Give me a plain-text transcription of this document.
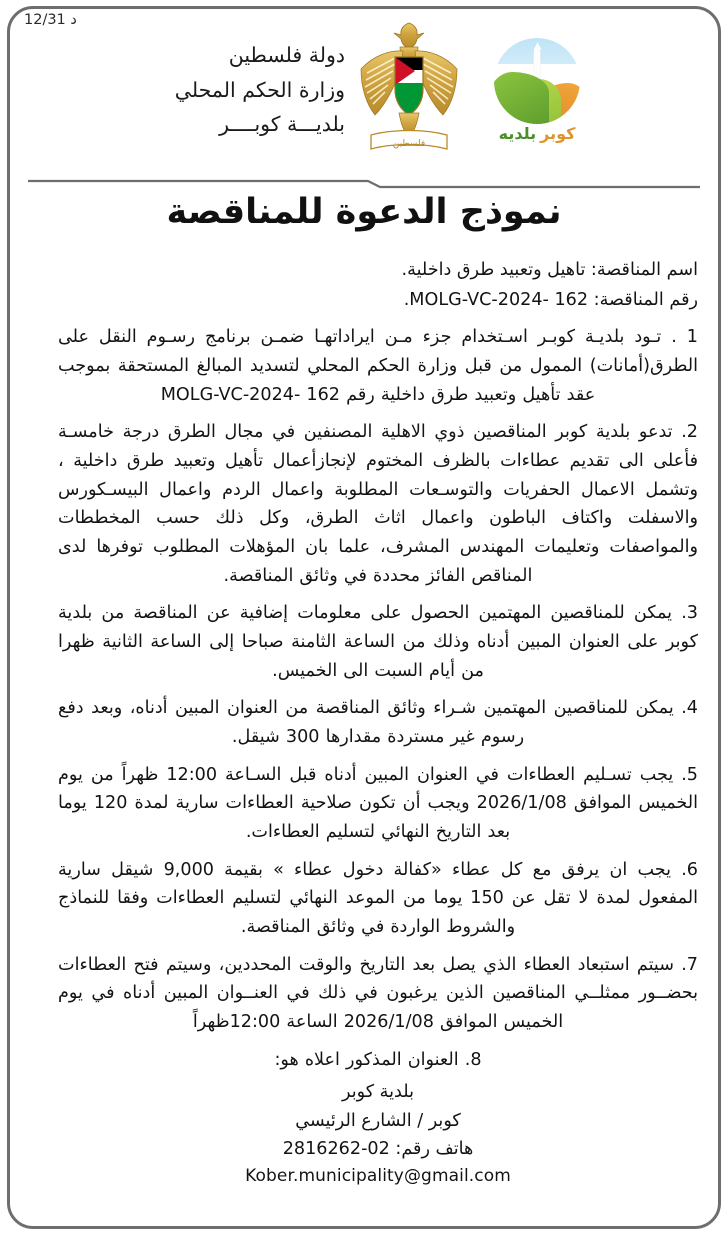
د 12/31
دولة فلسطين
وزارة الحكم المحلي
بلديـــة كوبــــر
فلسطين
كوبر
بلديه
نموذج الدعوة للمناقصة
اسم المناقصة: تاهيل وتعبيد طرق داخلية.
رقم المناقصة: 162 -MOLG-VC-2024.

1 . تـود بلديـة كوبـر اسـتخدام جزء مـن ايراداتهـا ضمـن برنامج رسـوم النقل على الطرق(أمانات) الممول من قبل وزارة الحكم المحلي لتسديد المبالغ المستحقة بموجب عقد تأهيل وتعبيد طرق داخلية رقم 162 -MOLG-VC-2024

2. تدعو بلدية كوبر المناقصين ذوي الاهلية المصنفين في مجال الطرق درجة خامسـة فأعلى الى تقديم عطاءات بالظرف المختوم لإنجازأعمال تأهيل وتعبيد طرق داخلية ، وتشمل الاعمال الحفريات والتوسـعات المطلوبة واعمال الردم واعمال البيسـكورس والاسفلت واكتاف الباطون واعمال اثاث الطرق، وكل ذلك حسب المخططات والمواصفات وتعليمات المهندس المشرف، علما بان المؤهلات المطلوب توفرها لدى المناقص الفائز محددة في وثائق المناقصة.

3. يمكن للمناقصين المهتمين الحصول على معلومات إضافية عن المناقصة من بلدية كوبر على العنوان المبين أدناه وذلك من الساعة الثامنة صباحا إلى الساعة الثانية ظهرا من أيام السبت الى الخميس.

4. يمكن للمناقصين المهتمين شـراء وثائق المناقصة من العنوان المبين أدناه، وبعد دفع رسوم غير مستردة مقدارها 300 شيقل.

5. يجب تسـليم العطاءات في العنوان المبين أدناه قبل السـاعة 12:00 ظهراً من يوم الخميس الموافق 2026/1/08 ويجب أن تكون صلاحية العطاءات سارية لمدة 120 يوما بعد التاريخ النهائي لتسليم العطاءات.

6. يجب ان يرفق مع كل عطاء «كفالة دخول عطاء » بقيمة 9,000 شيقل سارية المفعول لمدة لا تقل عن 150 يوما من الموعد النهائي لتسليم العطاءات وفقا للنماذج والشروط الواردة في وثائق المناقصة.

7. سيتم استبعاد العطاء الذي يصل بعد التاريخ والوقت المحددين، وسيتم فتح العطاءات بحضــور ممثلــي المناقصين الذين يرغبون في ذلك في العنــوان المبين أدناه في يوم الخميس الموافق 2026/1/08 الساعة 12:00ظهراً

8. العنوان المذكور اعلاه هو:

بلدية كوبر
كوبر / الشارع الرئيسي
هاتف رقم: 02-2816262
Kober.municipality@gmail.com
